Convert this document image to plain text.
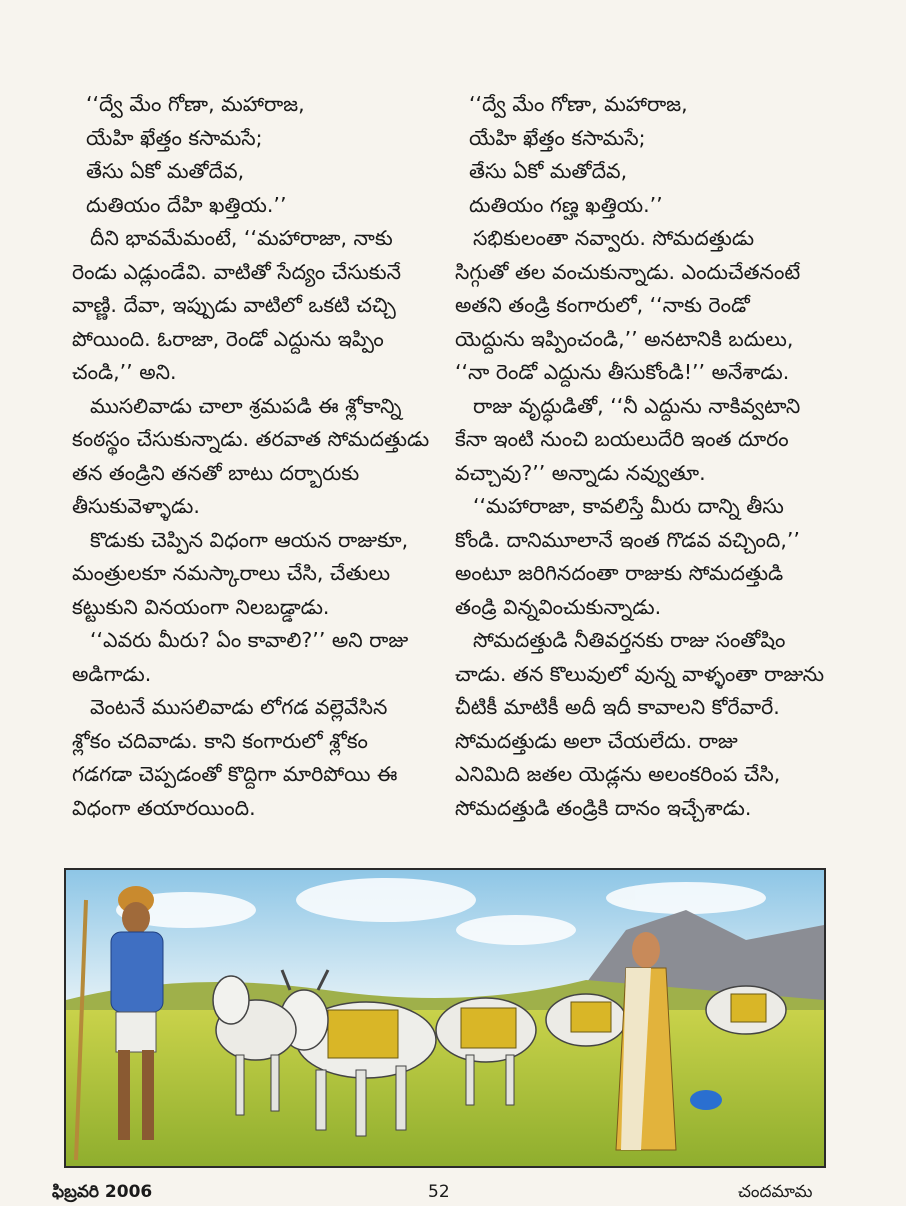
‘‘ద్వే మేం గోణా, మహారాజ,
యేహి ఖేత్తం కసామసే;
తేసు ఏకో మతోదేవ,
దుతియం దేహి ఖత్తియ.’’
దీని భావమేమంటే, ‘‘మహారాజా, నాకు
రెండు ఎడ్లుండేవి. వాటితో సేద్యం చేసుకునే
వాణ్ణి. దేవా, ఇప్పుడు వాటిలో ఒకటి చచ్చి
పోయింది. ఓరాజా, రెండో ఎద్దును ఇప్పిం
చండి,’’ అని.
ముసలివాడు చాలా శ్రమపడి ఈ శ్లోకాన్ని
కంఠస్థం చేసుకున్నాడు. తరవాత సోమదత్తుడు
తన తండ్రిని తనతో బాటు దర్బారుకు
తీసుకువెళ్ళాడు.
కొడుకు చెప్పిన విధంగా ఆయన రాజుకూ,
మంత్రులకూ నమస్కారాలు చేసి, చేతులు
కట్టుకుని వినయంగా నిలబడ్డాడు.
‘‘ఎవరు మీరు? ఏం కావాలి?’’ అని రాజు
అడిగాడు.
వెంటనే ముసలివాడు లోగడ వల్లెవేసిన
శ్లోకం చదివాడు. కాని కంగారులో శ్లోకం
గడగడా చెప్పడంతో కొద్దిగా మారిపోయి ఈ
విధంగా తయారయింది.
‘‘ద్వే మేం గోణా, మహారాజ,
యేహి ఖేత్తం కసామసే;
తేసు ఏకో మతోదేవ,
దుతియం గణ్హ ఖత్తియ.’’
సభికులంతా నవ్వారు. సోమదత్తుడు
సిగ్గుతో తల వంచుకున్నాడు. ఎందుచేతనంటే
అతని తండ్రి కంగారులో, ‘‘నాకు రెండో
యెద్దును ఇప్పించండి,’’ అనటానికి బదులు,
‘‘నా రెండో ఎద్దును తీసుకోండి!’’ అనేశాడు.
రాజు వృద్ధుడితో, ‘‘నీ ఎద్దును నాకివ్వటాని
కేనా ఇంటి నుంచి బయలుదేరి ఇంత దూరం
వచ్చావు?’’ అన్నాడు నవ్వుతూ.
‘‘మహారాజా, కావలిస్తే మీరు దాన్ని తీసు
కోండి. దానిమూలానే ఇంత గొడవ వచ్చింది,’’
అంటూ జరిగినదంతా రాజుకు సోమదత్తుడి
తండ్రి విన్నవించుకున్నాడు.
సోమదత్తుడి నీతివర్తనకు రాజు సంతోషిం
చాడు. తన కొలువులో వున్న వాళ్ళంతా రాజును
చీటికీ మాటికీ అదీ ఇదీ కావాలని కోరేవారే.
సోమదత్తుడు అలా చేయలేదు. రాజు
ఎనిమిది జతల యెడ్లను అలంకరింప చేసి,
సోమదత్తుడి తండ్రికి దానం ఇచ్చేశాడు.
ఫిబ్రవరి 2006	52	చందమామ
